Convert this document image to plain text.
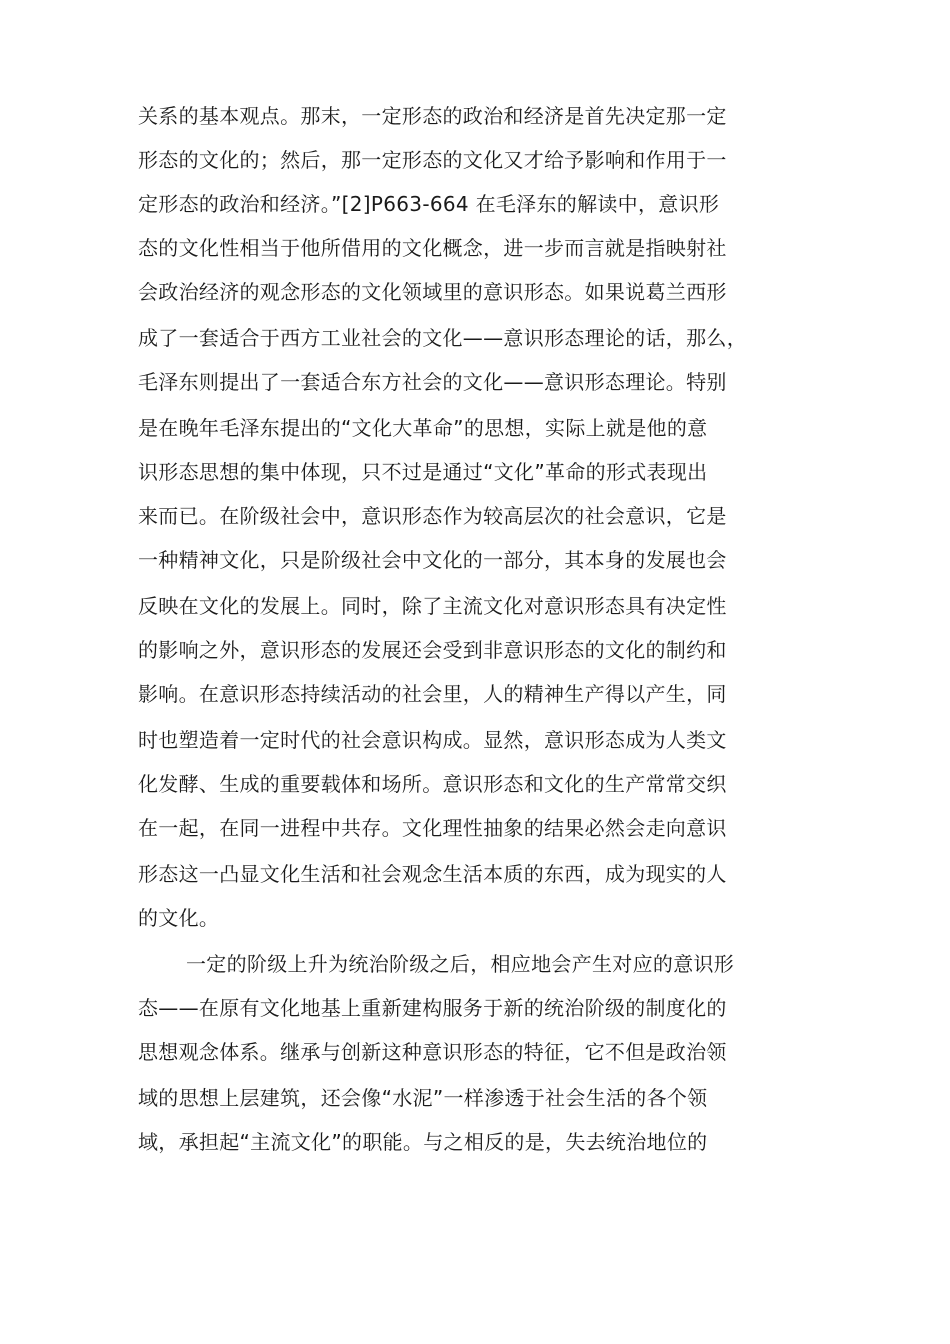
关系的基本观点。那末，一定形态的政治和经济是首先决定那一定
形态的文化的；然后，那一定形态的文化又才给予影响和作用于一
定形态的政治和经济。”[2]P663-664 在毛泽东的解读中，意识形
态的文化性相当于他所借用的文化概念，进一步而言就是指映射社
会政治经济的观念形态的文化领域里的意识形态。如果说葛兰西形
成了一套适合于西方工业社会的文化——意识形态理论的话，那么，
毛泽东则提出了一套适合东方社会的文化——意识形态理论。特别
是在晚年毛泽东提出的“文化大革命”的思想，实际上就是他的意
识形态思想的集中体现，只不过是通过“文化”革命的形式表现出
来而已。在阶级社会中，意识形态作为较高层次的社会意识，它是
一种精神文化，只是阶级社会中文化的一部分，其本身的发展也会
反映在文化的发展上。同时，除了主流文化对意识形态具有决定性
的影响之外，意识形态的发展还会受到非意识形态的文化的制约和
影响。在意识形态持续活动的社会里，人的精神生产得以产生，同
时也塑造着一定时代的社会意识构成。显然，意识形态成为人类文
化发酵、生成的重要载体和场所。意识形态和文化的生产常常交织
在一起，在同一进程中共存。文化理性抽象的结果必然会走向意识
形态这一凸显文化生活和社会观念生活本质的东西，成为现实的人
的文化。
一定的阶级上升为统治阶级之后，相应地会产生对应的意识形
态——在原有文化地基上重新建构服务于新的统治阶级的制度化的
思想观念体系。继承与创新这种意识形态的特征，它不但是政治领
域的思想上层建筑，还会像“水泥”一样渗透于社会生活的各个领
域，承担起“主流文化”的职能。与之相反的是，失去统治地位的
